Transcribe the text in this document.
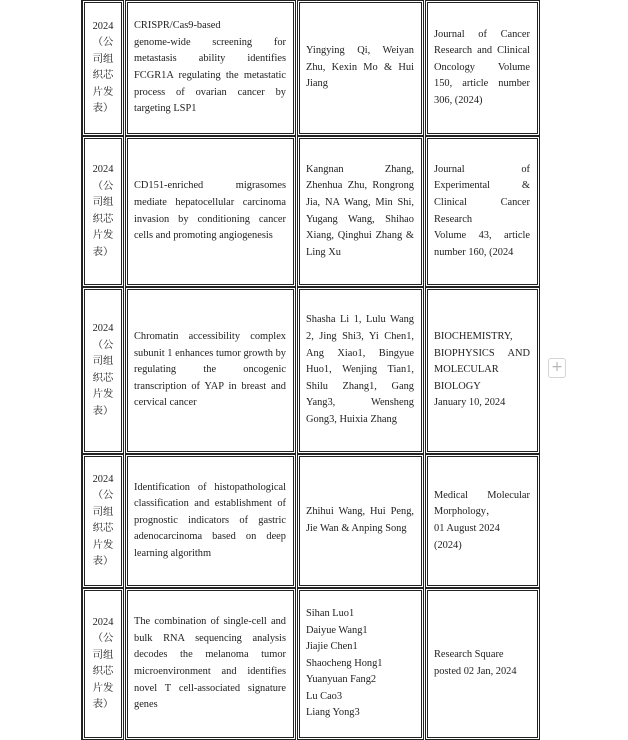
2024
（公
司组
织芯
片发
表）
CRISPR/Cas9-based
genome-wide screening for metastasis ability identifies FCGR1A regulating the metastatic process of ovarian cancer by targeting LSP1
Yingying Qi, Weiyan Zhu, Kexin Mo & Hui Jiang
Journal of Cancer Research and Clinical Oncology Volume 150, article number 306, (2024)
2024
（公
司组
织芯
片发
表）
CD151-enriched migrasomes mediate hepatocellular carcinoma invasion by conditioning cancer cells and promoting angiogenesis
Kangnan Zhang, Zhenhua Zhu, Rongrong Jia, NA Wang, Min Shi, Yugang Wang, Shihao Xiang, Qinghui Zhang & Ling Xu
Journal of Experimental & Clinical Cancer Research
Volume 43, article number 160, (2024
2024
（公
司组
织芯
片发
表）
Chromatin accessibility complex subunit 1 enhances tumor growth by regulating the oncogenic transcription of YAP in breast and cervical cancer
Shasha Li 1, Lulu Wang 2, Jing Shi3, Yi Chen1, Ang Xiao1, Bingyue Huo1, Wenjing Tian1, Shilu Zhang1, Gang Yang3, Wensheng Gong3, Huixia Zhang
BIOCHEMISTRY, BIOPHYSICS AND MOLECULAR BIOLOGY
January 10, 2024
2024
（公
司组
织芯
片发
表）
Identification of histopathological classification and establishment of prognostic indicators of gastric adenocarcinoma based on deep learning algorithm
Zhihui Wang, Hui Peng, Jie Wan & Anping Song
Medical Molecular Morphology，
01 August 2024
(2024)
2024
（公
司组
织芯
片发
表）
The combination of single-cell and bulk RNA sequencing analysis decodes the melanoma tumor microenvironment and identifies novel T cell-associated signature genes
Sihan Luo1
Daiyue Wang1
Jiajie Chen1
Shaocheng Hong1
Yuanyuan Fang2
Lu Cao3
Liang Yong3
Research Square
posted 02 Jan, 2024
+
